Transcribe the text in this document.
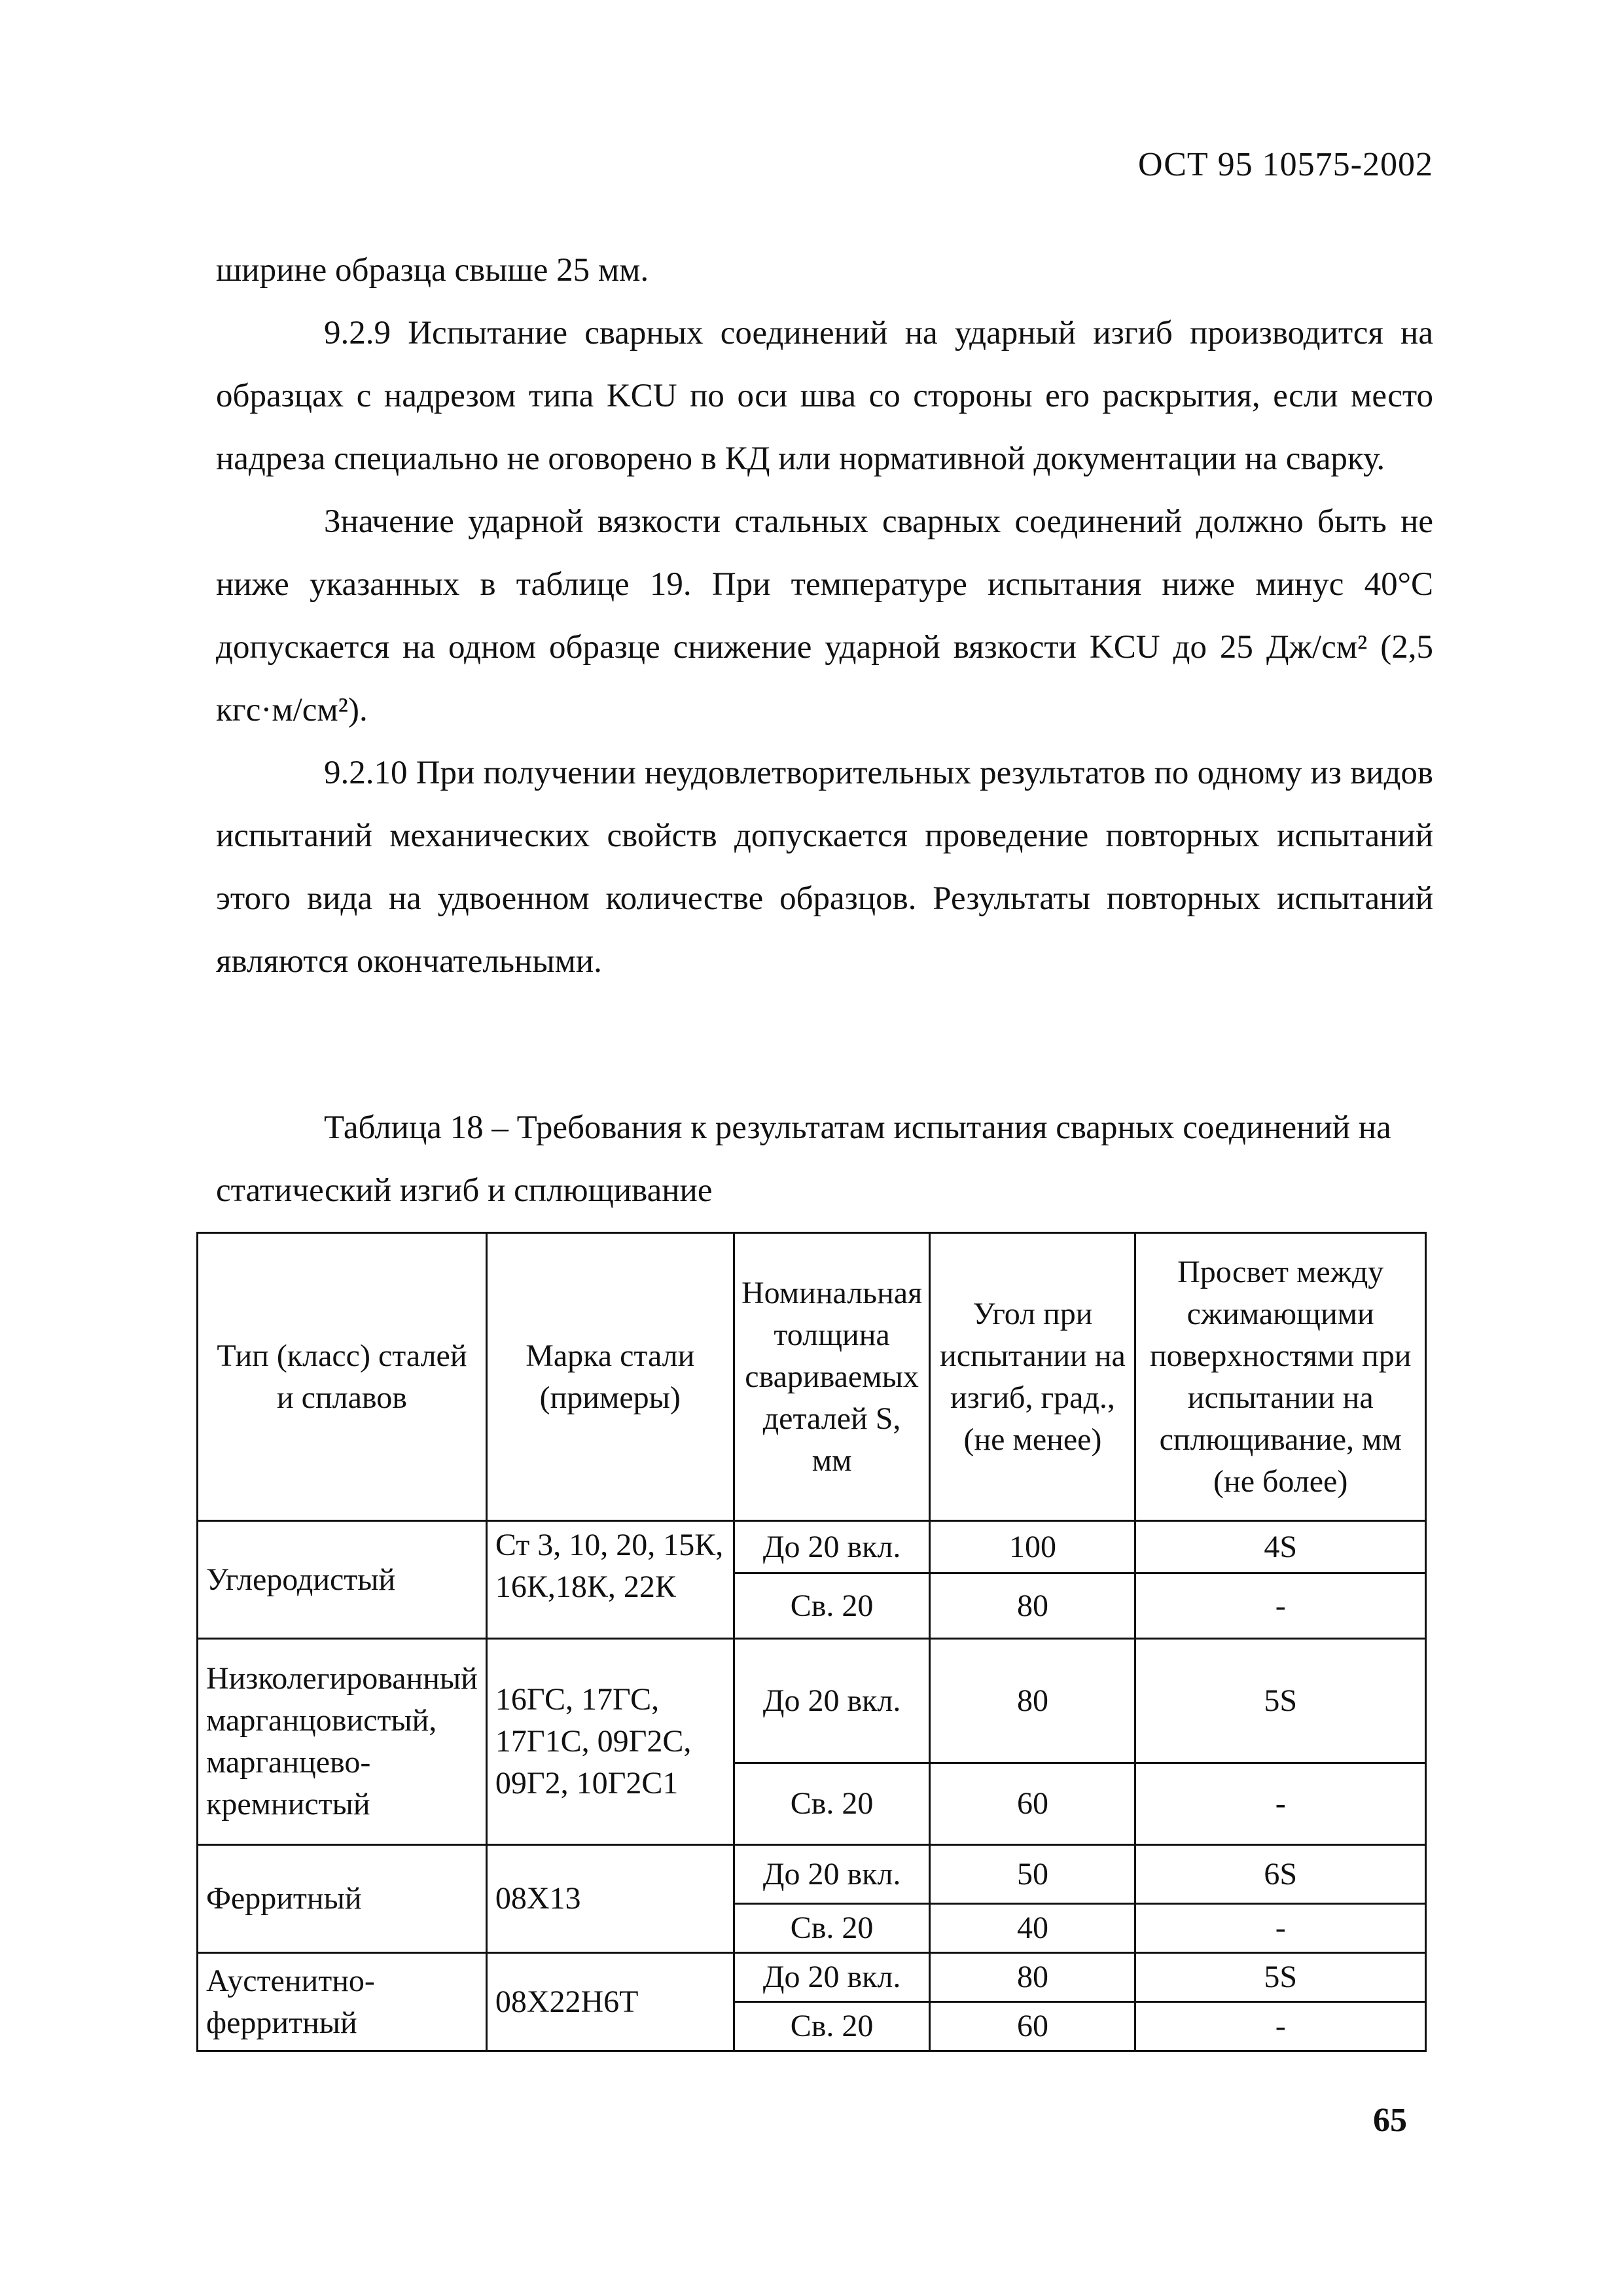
ОСТ 95 10575-2002

ширине образца свыше 25 мм.

9.2.9 Испытание сварных соединений на ударный изгиб производится на образцах с надрезом типа KCU по оси шва со стороны его раскрытия, если место надреза специально не оговорено в КД или нормативной документации на сварку.

Значение ударной вязкости стальных сварных соединений должно быть не ниже указанных в таблице 19. При температуре испытания ниже минус 40°С допускается на одном образце снижение ударной вязкости KCU до 25 Дж/см² (2,5 кгс·м/см²).

9.2.10 При получении неудовлетворительных результатов по одному из видов испытаний механических свойств допускается проведение повторных испытаний этого вида на удвоенном количестве образцов. Результаты повторных испытаний являются окончательными.

Таблица 18 – Требования к результатам испытания сварных соединений на статический изгиб и сплющивание
Тип (класс) сталей и сплавов	Марка стали (примеры)	Номинальная толщина свариваемых деталей S, мм	Угол при испытании на изгиб, град., (не менее)	Просвет между сжимающими поверхностями при испытании на сплющивание, мм (не более)
Углеродистый	Ст 3, 10, 20, 15К, 16К,18К, 22К	До 20 вкл.	100	4S
		Св. 20	80	-
Низколегированный марганцовистый, марганцево-кремнистый	16ГС, 17ГС, 17Г1С, 09Г2С, 09Г2, 10Г2С1	До 20 вкл.	80	5S
		Св. 20	60	-
Ферритный	08Х13	До 20 вкл.	50	6S
		Св. 20	40	-
Аустенитно-ферритный	08Х22Н6Т	До 20 вкл.	80	5S
		Св. 20	60	-
65
